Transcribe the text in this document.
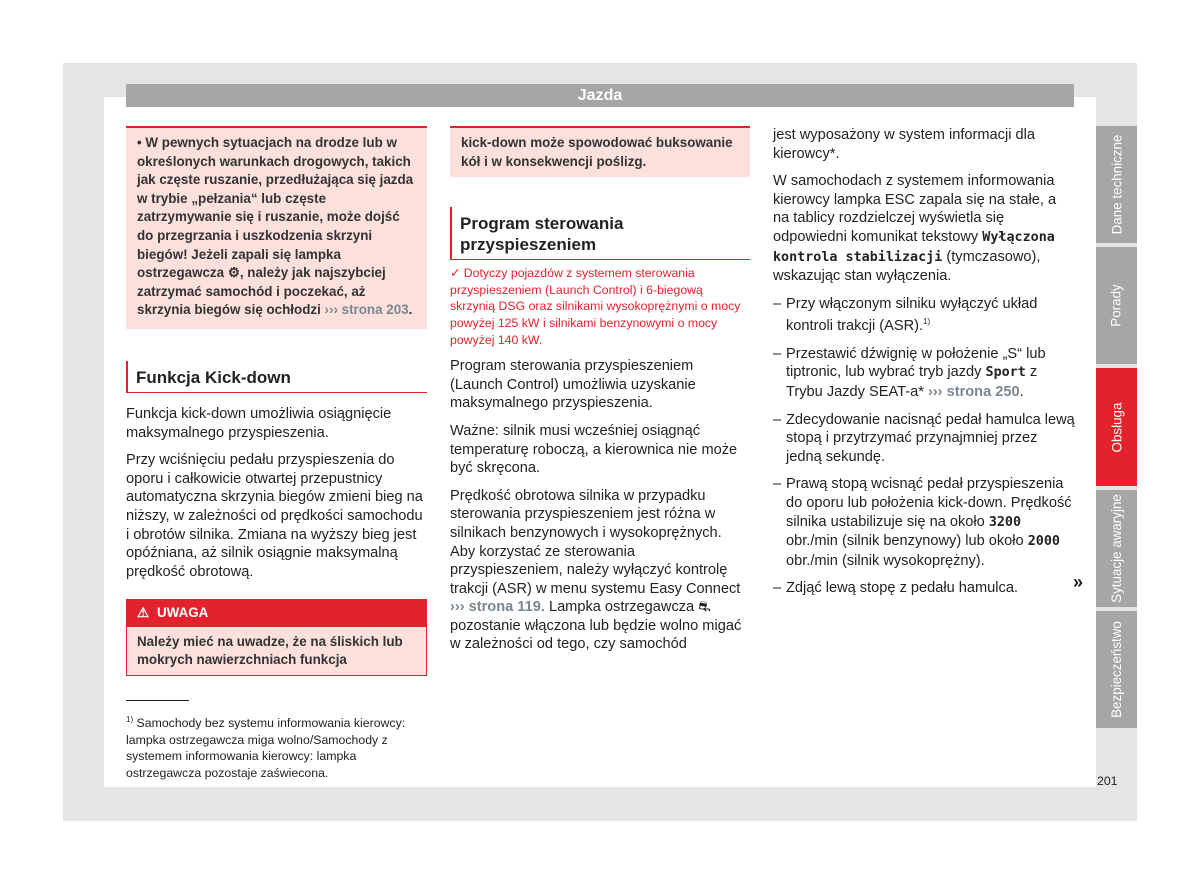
Jazda
• W pewnych sytuacjach na drodze lub w określonych warunkach drogowych, takich jak częste ruszanie, przedłużająca się jazda w trybie „pełzania“ lub częste zatrzymywanie się i ruszanie, może dojść do przegrzania i uszkodzenia skrzyni biegów! Jeżeli zapali się lampka ostrzegawcza ⚙, należy jak najszybciej zatrzymać samochód i poczekać, aż skrzynia biegów się ochłodzi ››› strona 203.
Funkcja Kick-down

Funkcja kick-down umożliwia osiągnięcie maksymalnego przyspieszenia.

Przy wciśnięciu pedału przyspieszenia do oporu i całkowicie otwartej przepustnicy automatyczna skrzynia biegów zmieni bieg na niższy, w zależności od prędkości samochodu i obrotów silnika. Zmiana na wyższy bieg jest opóźniana, aż silnik osiągnie maksymalną prędkość obrotową.

⚠ UWAGA
Należy mieć na uwadze, że na śliskich lub mokrych nawierzchniach funkcja
$^{1)}$ Samochody bez systemu informowania kierowcy: lampka ostrzegawcza miga wolno/Samochody z systemem informowania kierowcy: lampka ostrzegawcza pozostaje zaświecona.
kick-down może spowodować buksowanie kół i w konsekwencji poślizg.
Program sterowania przyspieszeniem

✓ Dotyczy pojazdów z systemem sterowania przyspieszeniem (Launch Control) i 6-biegową skrzynią DSG oraz silnikami wysokoprężnymi o mocy powyżej 125 kW i silnikami benzynowymi o mocy powyżej 140 kW.

Program sterowania przyspieszeniem (Launch Control) umożliwia uzyskanie maksymalnego przyspieszenia.

Ważne: silnik musi wcześniej osiągnąć temperaturę roboczą, a kierownica nie może być skręcona.

Prędkość obrotowa silnika w przypadku sterowania przyspieszeniem jest różna w silnikach benzynowych i wysokoprężnych. Aby korzystać ze sterowania przyspieszeniem, należy wyłączyć kontrolę trakcji (ASR) w menu systemu Easy Connect ››› strona 119. Lampka ostrzegawcza ⛐ pozostanie włączona lub będzie wolno migać w zależności od tego, czy samochód

jest wyposażony w system informacji dla kierowcy*.

W samochodach z systemem informowania kierowcy lampka ESC zapala się na stałe, a na tablicy rozdzielczej wyświetla się odpowiedni komunikat tekstowy Wyłączona kontrola stabilizacji (tymczasowo), wskazując stan wyłączenia.

– Przy włączonym silniku wyłączyć układ kontroli trakcji (ASR).$^{1)}$
– Przestawić dźwignię w położenie „S“ lub tiptronic, lub wybrać tryb jazdy Sport z Trybu Jazdy SEAT-a* ››› strona 250.
– Zdecydowanie nacisnąć pedał hamulca lewą stopą i przytrzymać przynajmniej przez jedną sekundę.
– Prawą stopą wcisnąć pedał przyspieszenia do oporu lub położenia kick-down. Prędkość silnika ustabilizuje się na około 3200 obr./min (silnik benzynowy) lub około 2000 obr./min (silnik wysokoprężny).
– Zdjąć lewą stopę z pedału hamulca.	»
Dane techniczne
Porady
Obsługa
Sytuacje awaryjne
Bezpieczeństwo
201
